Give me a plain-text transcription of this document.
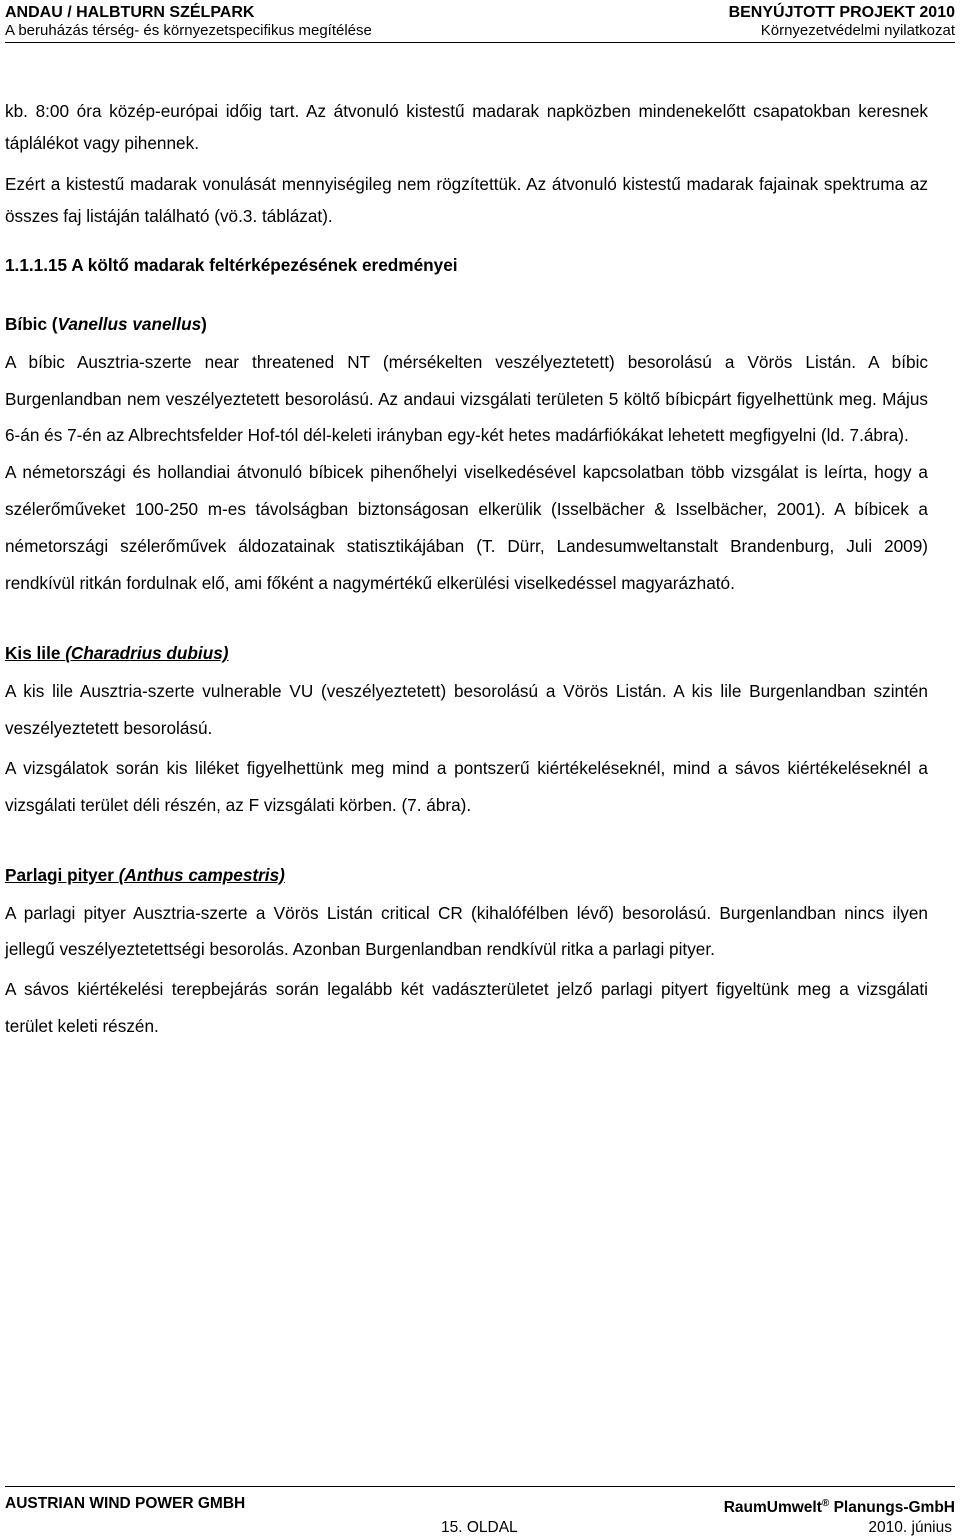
ANDAU / HALBTURN SZÉLPARK	BENYÚJTOTT PROJEKT 2010
A beruházás térség- és környezetspecifikus megítélése	Környezetvédelmi nyilatkozat

kb. 8:00 óra közép-európai időig tart. Az átvonuló kistestű madarak napközben mindenekelőtt csapatokban keresnek táplálékot vagy pihennek.

Ezért a kistestű madarak vonulását mennyiségileg nem rögzítettük. Az átvonuló kistestű madarak fajainak spektruma az összes faj listáján található (vö.3. táblázat).

1.1.1.15 A költő madarak feltérképezésének eredményei

Bíbic (Vanellus vanellus)

A bíbic Ausztria-szerte near threatened NT (mérsékelten veszélyeztetett) besorolású a Vörös Listán. A bíbic Burgenlandban nem veszélyeztetett besorolású. Az andaui vizsgálati területen 5 költő bíbicpárt figyelhettünk meg. Május 6-án és 7-én az Albrechtsfelder Hof-tól dél-keleti irányban egy-két hetes madárfiókákat lehetett megfigyelni (ld. 7.ábra).

A németországi és hollandiai átvonuló bíbicek pihenőhelyi viselkedésével kapcsolatban több vizsgálat is leírta, hogy a szélerőműveket 100-250 m-es távolságban biztonságosan elkerülik (Isselbächer & Isselbächer, 2001). A bíbicek a németországi szélerőművek áldozatainak statisztikájában (T. Dürr, Landesumweltanstalt Brandenburg, Juli 2009) rendkívül ritkán fordulnak elő, ami főként a nagymértékű elkerülési viselkedéssel magyarázható.

Kis lile (Charadrius dubius)

A kis lile Ausztria-szerte vulnerable VU (veszélyeztetett) besorolású a Vörös Listán. A kis lile Burgenlandban szintén veszélyeztetett besorolású.

A vizsgálatok során kis liléket figyelhettünk meg mind a pontszerű kiértékeléseknél, mind a sávos kiértékeléseknél a vizsgálati terület déli részén, az F vizsgálati körben. (7. ábra).

Parlagi pityer (Anthus campestris)

A parlagi pityer Ausztria-szerte a Vörös Listán critical CR (kihalófélben lévő) besorolású. Burgenlandban nincs ilyen jellegű veszélyeztetettségi besorolás. Azonban Burgenlandban rendkívül ritka a parlagi pityer.

A sávos kiértékelési terepbejárás során legalább két vadászterületet jelző parlagi pityert figyeltünk meg a vizsgálati terület keleti részén.

AUSTRIAN WIND POWER GMBH	RaumUmwelt® Planungs-GmbH
15. OLDAL	2010. június
